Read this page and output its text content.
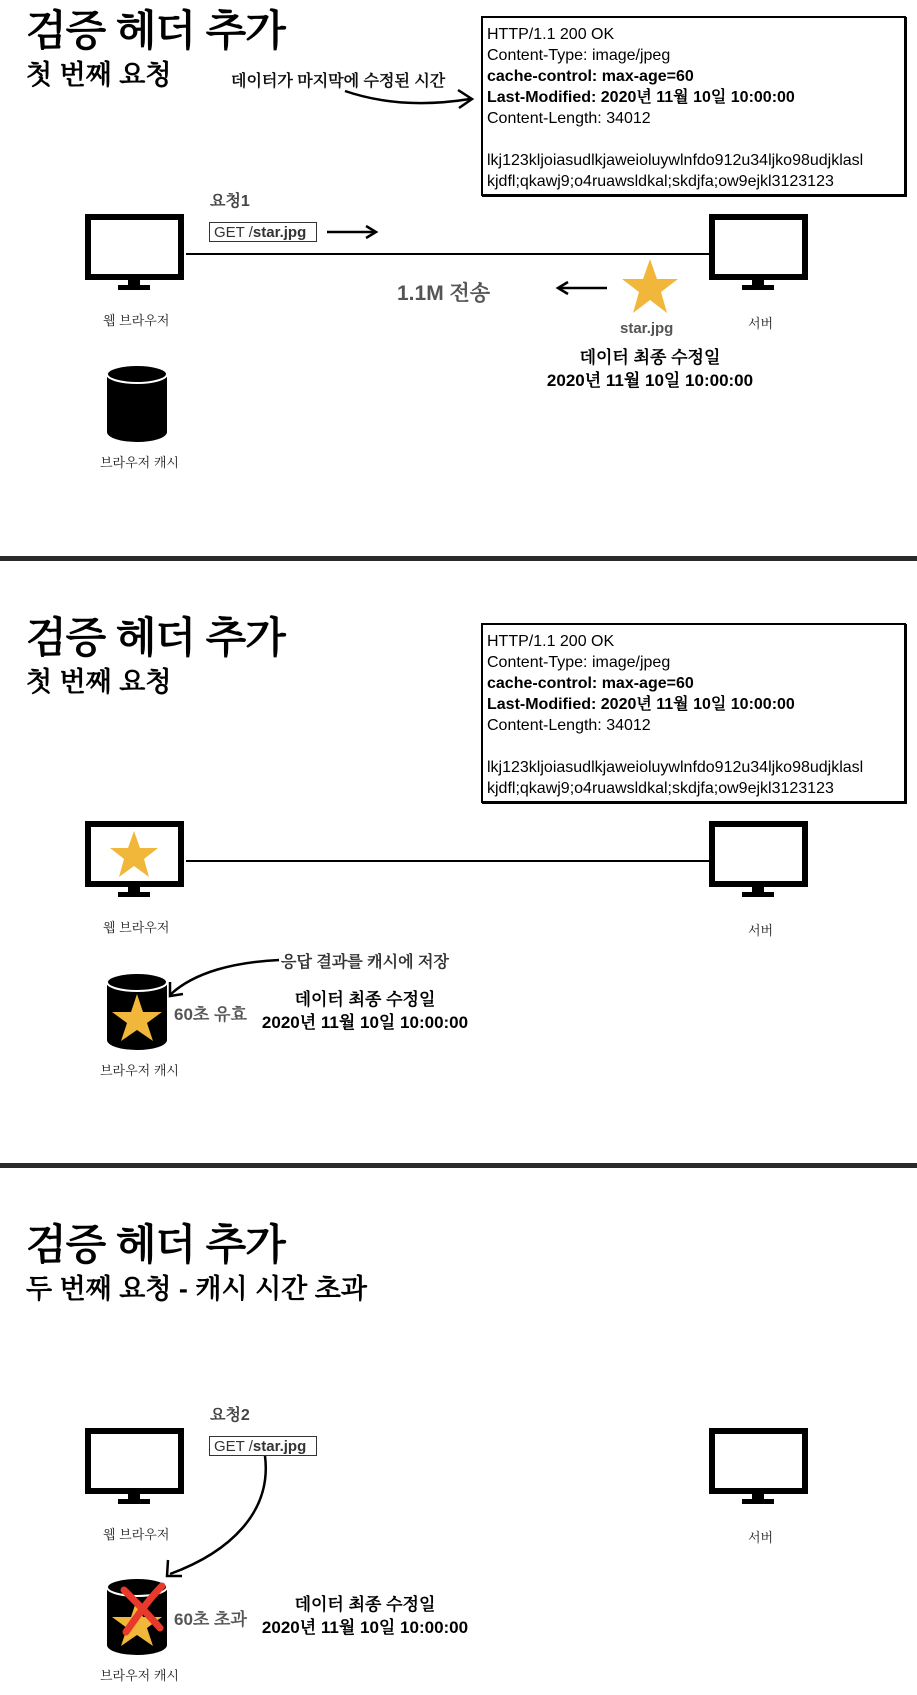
검증 헤더 추가
첫 번째 요청	데이터가 마지막에 수정된 시간
HTTP/1.1 200 OK
Content-Type: image/jpeg
cache-control: max-age=60
Last-Modified: 2020년 11월 10일 10:00:00
Content-Length: 34012
lkj123kljoiasudlkjaweioluywlnfdo912u34ljko98udjklasl
kjdfl;qkawj9;o4ruawsldkal;skdjfa;ow9ejkl3123123
요청1
GET /star.jpg
1.1M 전송
star.jpg
웹 브라우저	서버
데이터 최종 수정일
2020년 11월 10일 10:00:00
브라우저 캐시
검증 헤더 추가
첫 번째 요청
HTTP/1.1 200 OK
Content-Type: image/jpeg
cache-control: max-age=60
Last-Modified: 2020년 11월 10일 10:00:00
Content-Length: 34012
lkj123kljoiasudlkjaweioluywlnfdo912u34ljko98udjklasl
kjdfl;qkawj9;o4ruawsldkal;skdjfa;ow9ejkl3123123
웹 브라우저	서버
응답 결과를 캐시에 저장
60초 유효
데이터 최종 수정일
2020년 11월 10일 10:00:00
브라우저 캐시
검증 헤더 추가
두 번째 요청 - 캐시 시간 초과
요청2
GET /star.jpg
웹 브라우저	서버
60초 초과
데이터 최종 수정일
2020년 11월 10일 10:00:00
브라우저 캐시
